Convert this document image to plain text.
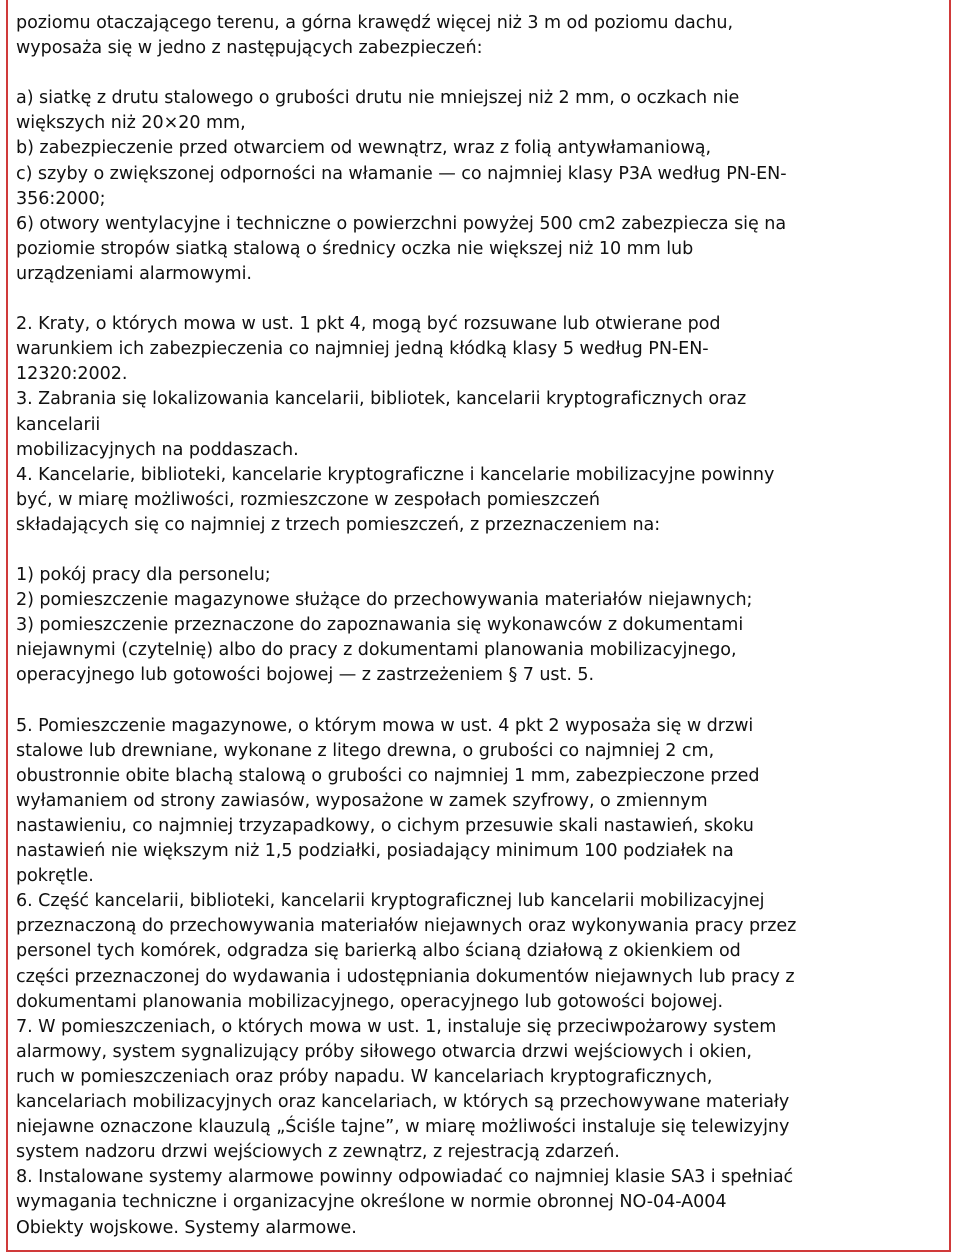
poziomu otaczającego terenu, a górna krawędź więcej niż 3 m od poziomu dachu,

wyposaża się w jedno z następujących zabezpieczeń:

a) siatkę z drutu stalowego o grubości drutu nie mniejszej niż 2 mm, o oczkach nie

większych niż 20×20 mm,

b) zabezpieczenie przed otwarciem od wewnątrz, wraz z folią antywłamaniową,

c) szyby o zwiększonej odporności na włamanie — co najmniej klasy P3A według PN-EN-

356:2000;

6) otwory wentylacyjne i techniczne o powierzchni powyżej 500 cm2 zabezpiecza się na

poziomie stropów siatką stalową o średnicy oczka nie większej niż 10 mm lub

urządzeniami alarmowymi.

2. Kraty, o których mowa w ust. 1 pkt 4, mogą być rozsuwane lub otwierane pod

warunkiem ich zabezpieczenia co najmniej jedną kłódką klasy 5 według PN-EN-

12320:2002.

3. Zabrania się lokalizowania kancelarii, bibliotek, kancelarii kryptograficznych oraz

kancelarii

mobilizacyjnych na poddaszach.

4. Kancelarie, biblioteki, kancelarie kryptograficzne i kancelarie mobilizacyjne powinny

być, w miarę możliwości, rozmieszczone w zespołach pomieszczeń

składających się co najmniej z trzech pomieszczeń, z przeznaczeniem na:

1) pokój pracy dla personelu;

2) pomieszczenie magazynowe służące do przechowywania materiałów niejawnych;

3) pomieszczenie przeznaczone do zapoznawania się wykonawców z dokumentami

niejawnymi (czytelnię) albo do pracy z dokumentami planowania mobilizacyjnego,

operacyjnego lub gotowości bojowej — z zastrzeżeniem § 7 ust. 5.

5. Pomieszczenie magazynowe, o którym mowa w ust. 4 pkt 2 wyposaża się w drzwi

stalowe lub drewniane, wykonane z litego drewna, o grubości co najmniej 2 cm,

obustronnie obite blachą stalową o grubości co najmniej 1 mm, zabezpieczone przed

wyłamaniem od strony zawiasów, wyposażone w zamek szyfrowy, o zmiennym

nastawieniu, co najmniej trzyzapadkowy, o cichym przesuwie skali nastawień, skoku

nastawień nie większym niż 1,5 podziałki, posiadający minimum 100 podziałek na

pokrętle.

6. Część kancelarii, biblioteki, kancelarii kryptograficznej lub kancelarii mobilizacyjnej

przeznaczoną do przechowywania materiałów niejawnych oraz wykonywania pracy przez

personel tych komórek, odgradza się barierką albo ścianą działową z okienkiem od

części przeznaczonej do wydawania i udostępniania dokumentów niejawnych lub pracy z

dokumentami planowania mobilizacyjnego, operacyjnego lub gotowości bojowej.

7. W pomieszczeniach, o których mowa w ust. 1, instaluje się przeciwpożarowy system

alarmowy, system sygnalizujący próby siłowego otwarcia drzwi wejściowych i okien,

ruch w pomieszczeniach oraz próby napadu. W kancelariach kryptograficznych,

kancelariach mobilizacyjnych oraz kancelariach, w których są przechowywane materiały

niejawne oznaczone klauzulą „Ściśle tajne”, w miarę możliwości instaluje się telewizyjny

system nadzoru drzwi wejściowych z zewnątrz, z rejestracją zdarzeń.

8. Instalowane systemy alarmowe powinny odpowiadać co najmniej klasie SA3 i spełniać

wymagania techniczne i organizacyjne określone w normie obronnej NO-04-A004

Obiekty wojskowe. Systemy alarmowe.
